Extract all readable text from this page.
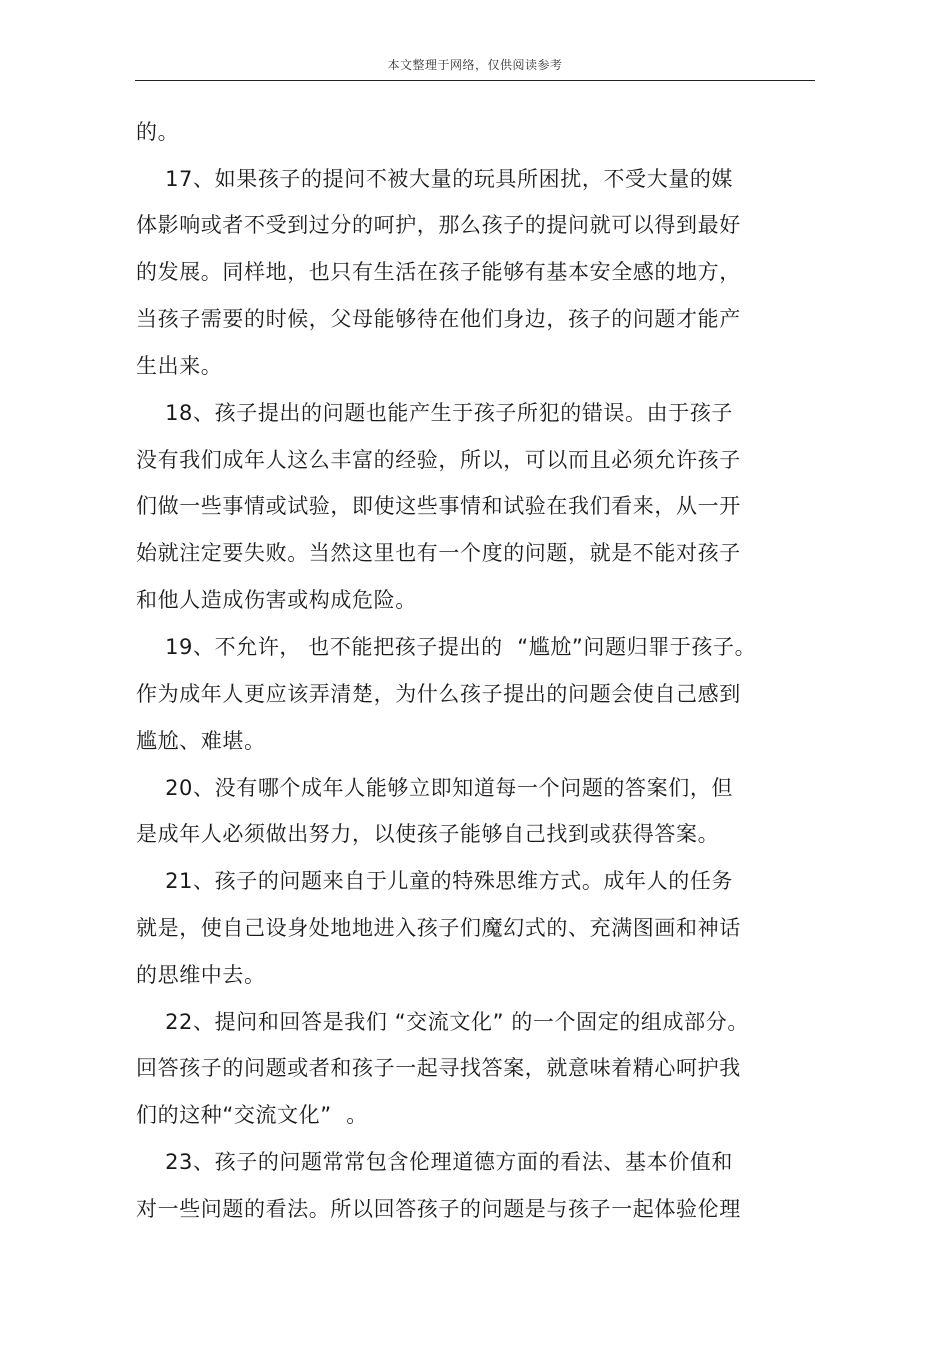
本文整理于网络，仅供阅读参考
的。
17、如果孩子的提问不被大量的玩具所困扰，不受大量的媒
体影响或者不受到过分的呵护，那么孩子的提问就可以得到最好
的发展。同样地，也只有生活在孩子能够有基本安全感的地方，
当孩子需要的时候，父母能够待在他们身边，孩子的问题才能产
生出来。
18、孩子提出的问题也能产生于孩子所犯的错误。由于孩子
没有我们成年人这么丰富的经验，所以，可以而且必须允许孩子
们做一些事情或试验，即使这些事情和试验在我们看来，从一开
始就注定要失败。当然这里也有一个度的问题，就是不能对孩子
和他人造成伤害或构成危险。
19、不允许， 也不能把孩子提出的  “尴尬”问题归罪于孩子。
作为成年人更应该弄清楚，为什么孩子提出的问题会使自己感到
尴尬、难堪。
20、没有哪个成年人能够立即知道每一个问题的答案们，但
是成年人必须做出努力，以使孩子能够自己找到或获得答案。
21、孩子的问题来自于儿童的特殊思维方式。成年人的任务
就是，使自己设身处地地进入孩子们魔幻式的、充满图画和神话
的思维中去。
22、提问和回答是我们 “交流文化” 的一个固定的组成部分。
回答孩子的问题或者和孩子一起寻找答案，就意味着精心呵护我
们的这种“交流文化”  。
23、孩子的问题常常包含伦理道德方面的看法、基本价值和
对一些问题的看法。所以回答孩子的问题是与孩子一起体验伦理
